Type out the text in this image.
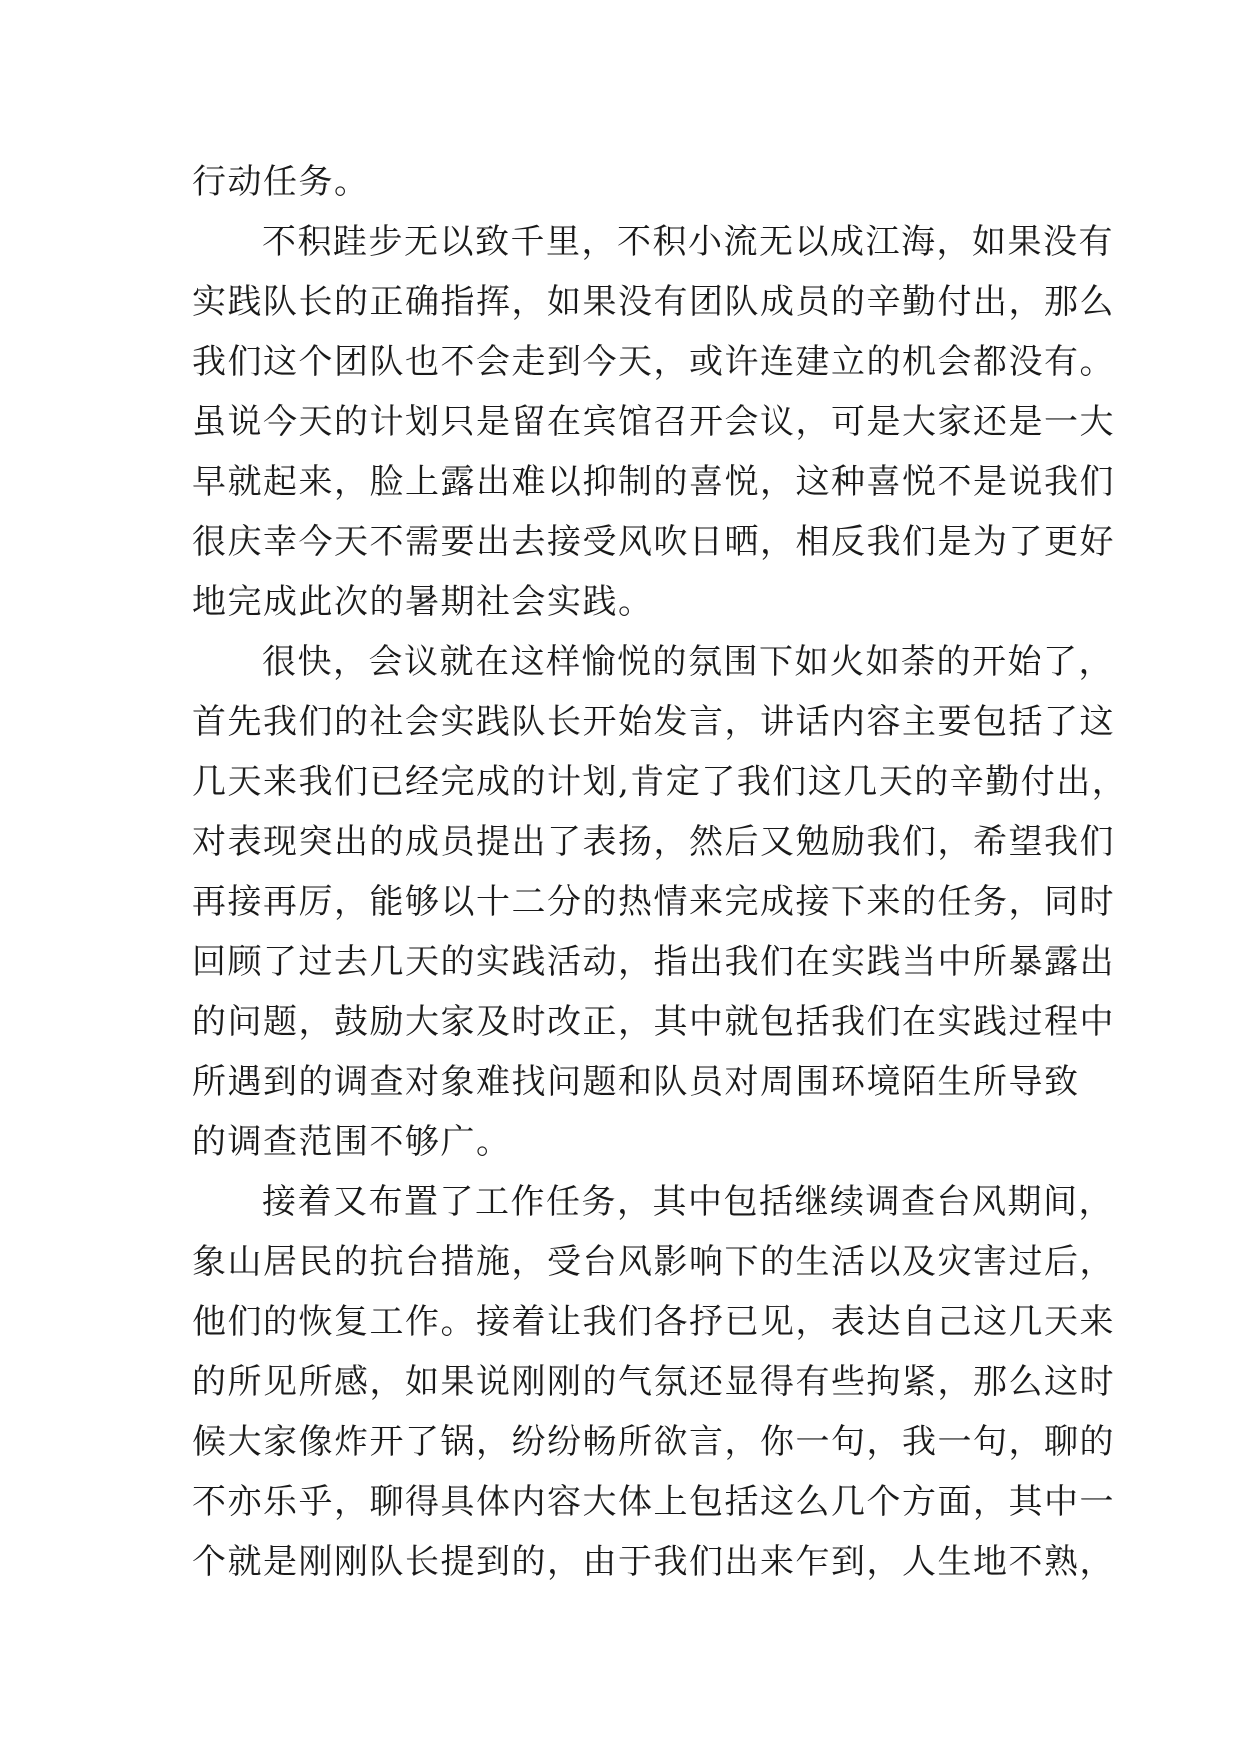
行动任务。
不积跬步无以致千里，不积小流无以成江海，如果没有
实践队长的正确指挥，如果没有团队成员的辛勤付出，那么
我们这个团队也不会走到今天，或许连建立的机会都没有。
虽说今天的计划只是留在宾馆召开会议，可是大家还是一大
早就起来，脸上露出难以抑制的喜悦，这种喜悦不是说我们
很庆幸今天不需要出去接受风吹日晒，相反我们是为了更好
地完成此次的暑期社会实践。
很快，会议就在这样愉悦的氛围下如火如荼的开始了，
首先我们的社会实践队长开始发言，讲话内容主要包括了这
几天来我们已经完成的计划,肯定了我们这几天的辛勤付出，
对表现突出的成员提出了表扬，然后又勉励我们，希望我们
再接再厉，能够以十二分的热情来完成接下来的任务，同时
回顾了过去几天的实践活动，指出我们在实践当中所暴露出
的问题，鼓励大家及时改正，其中就包括我们在实践过程中
所遇到的调查对象难找问题和队员对周围环境陌生所导致
的调查范围不够广。
接着又布置了工作任务，其中包括继续调查台风期间，
象山居民的抗台措施，受台风影响下的生活以及灾害过后，
他们的恢复工作。接着让我们各抒已见，表达自己这几天来
的所见所感，如果说刚刚的气氛还显得有些拘紧，那么这时
候大家像炸开了锅，纷纷畅所欲言，你一句，我一句，聊的
不亦乐乎，聊得具体内容大体上包括这么几个方面，其中一
个就是刚刚队长提到的，由于我们出来乍到，人生地不熟，
